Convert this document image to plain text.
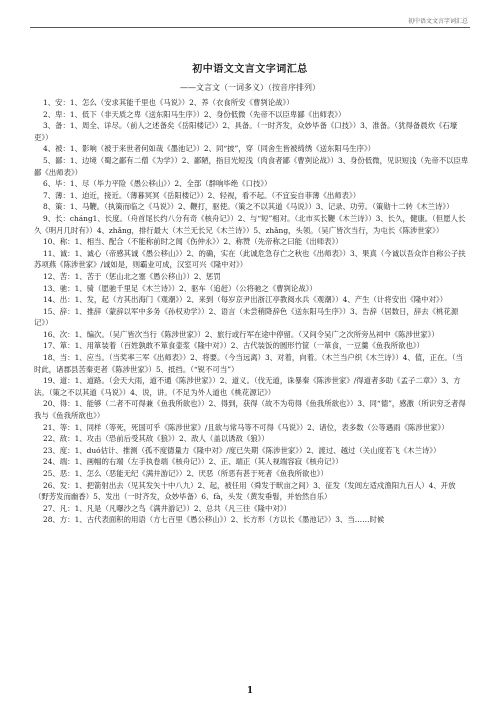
初中语文文言字词汇总
初中语文文言文字词汇总
——文言文（一词多义）（按音序排列）

1、安：1、怎么（安求其能千里也《马说》）2、养（衣食所安《曹刿论战》）

2、卑：1、低下（非天质之卑《送东阳马生序》）2、身份低微（先帝不以臣卑鄙《出师表》）

3、备：1、周全、详尽。（前人之述备矣《岳阳楼记》）2、具备。（一时齐发，众妙毕备《口技》）3、准备。（犹得备晨炊《石壕吏》）

4、被：1、影响（被于来世者何如哉《墨池记》）2、同“披”，穿（同舍生皆被绮绣《送东阳马生序》）

5、鄙：1、边境（蜀之鄙有二僧《为学》）2、鄙陋，指目光短浅（肉食者鄙《曹刿论战》）3、身份低微，见识短浅（先帝不以臣卑鄙《出师表》）

6、毕：1、尽（毕力平险《愚公移山》）2、全部（群响毕绝《口技》）

7、薄：1、迫近，接近。（薄暮冥冥《岳阳楼记》）2、轻视，看不起。（不宜妄自菲薄《出师表》）

8、策：1、马鞭。（执策而临之《马说》）2、鞭打，驱使。（策之不以其道《马说》）3、记录、功劳。（策勋十二转《木兰诗》）

9、长：cháng1、长度。（舟首尾长约八分有奇《核舟记》）2、与“短”相对。（北市买长鞭《木兰诗》）3、长久，健康。（但愿人长久《明月几时有》）4、zhǎng，排行最大（木兰无长兄《木兰诗》）5、zhǎng，头领。（吴广皆次当行，为屯长《陈涉世家》）

10、称：1、相当、配合（不能称前时之闻《伤仲永》）2、称赞（先帝称之曰能《出师表》）

11、诚：1、诚心（帝感其诚《愚公移山》）2、的确，实在（此诚危急存亡之秋也《出师表》）3、果真（今诚以吾众诈自称公子扶苏项燕《陈涉世家》/诚如是，则霸业可成，汉室可兴《隆中对》）

12、苦：1、苦于（惩山北之塞《愚公移山》）2、惩罚

13、驰：1、骑（愿驰千里足《木兰诗》）2、驱车（追赶）（公将驰之《曹刿论战》）

14、出：1、发，起（方其出海门《观潮》）2、来到（每岁京尹出浙江亭教阅水兵《观潮》）4、产生（计将安出《隆中对》）

15、辞：1、推辞（蒙辞以军中多务《孙权劝学》）2、语言（未尝稍降辞色《送东阳马生序》）3、告辞（居数日，辞去《桃花源记》）

16、次：1、编次。（吴广皆次当行《陈涉世家》）2、旅行或行军在途中停留。（又间令吴广之次所旁丛祠中《陈涉世家》）

17、箪：1、用箪装着（百姓孰敢不箪食壶浆《隆中对》）2、古代装饭的圆形竹筐（一箪食，一豆羹《鱼我所欲也》）

18、当：1、应当。（当奖率三军《出师表》）2、将要。（今当远离）3、对着，向着。（木兰当户织《木兰诗》）4、值，正在。（当时此，诸郡县苦秦吏者《陈涉世家》）5、抵挡。（“锐不可当”）

19、道：1、道路。（会天大雨，道不通《陈涉世家》）2、道义。（伐无道，诛暴秦《陈涉世家》/得道者多助《孟子二章》）3、方法。（策之不以其道《马说》）4、说，讲。（不足为外人道也《桃花源记》）

20、得：1、能够（二者不可得兼《鱼我所欲也》）2、得到，获得（故不为苟得《鱼我所欲也》）3、同“德”，感激（所识穷乏者得我与《鱼我所欲也》）

21、等：1、同样（等死，死国可乎《陈涉世家》/且欲与常马等不可得《马说》）2、诸位，表多数（公等遇雨《陈涉世家》）

22、敌：1、攻击（恐前后受其敌《狼》）2、敌人（盖以诱敌《狼》）

23、度：1、duó估计、推测（孤不度德量力《隆中对》/度已失期《陈涉世家》）2、渡过、越过（关山度若飞《木兰诗》）

24、端：1、画幅的右端（左手执卷端《核舟记》）2、正、端正（其人视端容寂《核舟记》）

25、恶：1、怎么（恶能无纪《满井游记》）2、厌恶（所恶有甚于死者《鱼我所欲也》）

26、发：1、把箭射出去（见其发矢十中八九）2、起，被任用（舜发于畎亩之间）3、征发（发闾左适戍渔阳九百人）4、开放（野芳发而幽香）5、发出（一时齐发，众妙毕备）6、fà，头发（黄发垂髫，并怡然自乐）

27、凡：1、凡是（凡曝沙之鸟《满井游记》）2、总共（凡三往《隆中对》）

28、方：1、古代表面积的用语（方七百里《愚公移山》）2、长方形（方以长《墨池记》）3、当……时候

1
